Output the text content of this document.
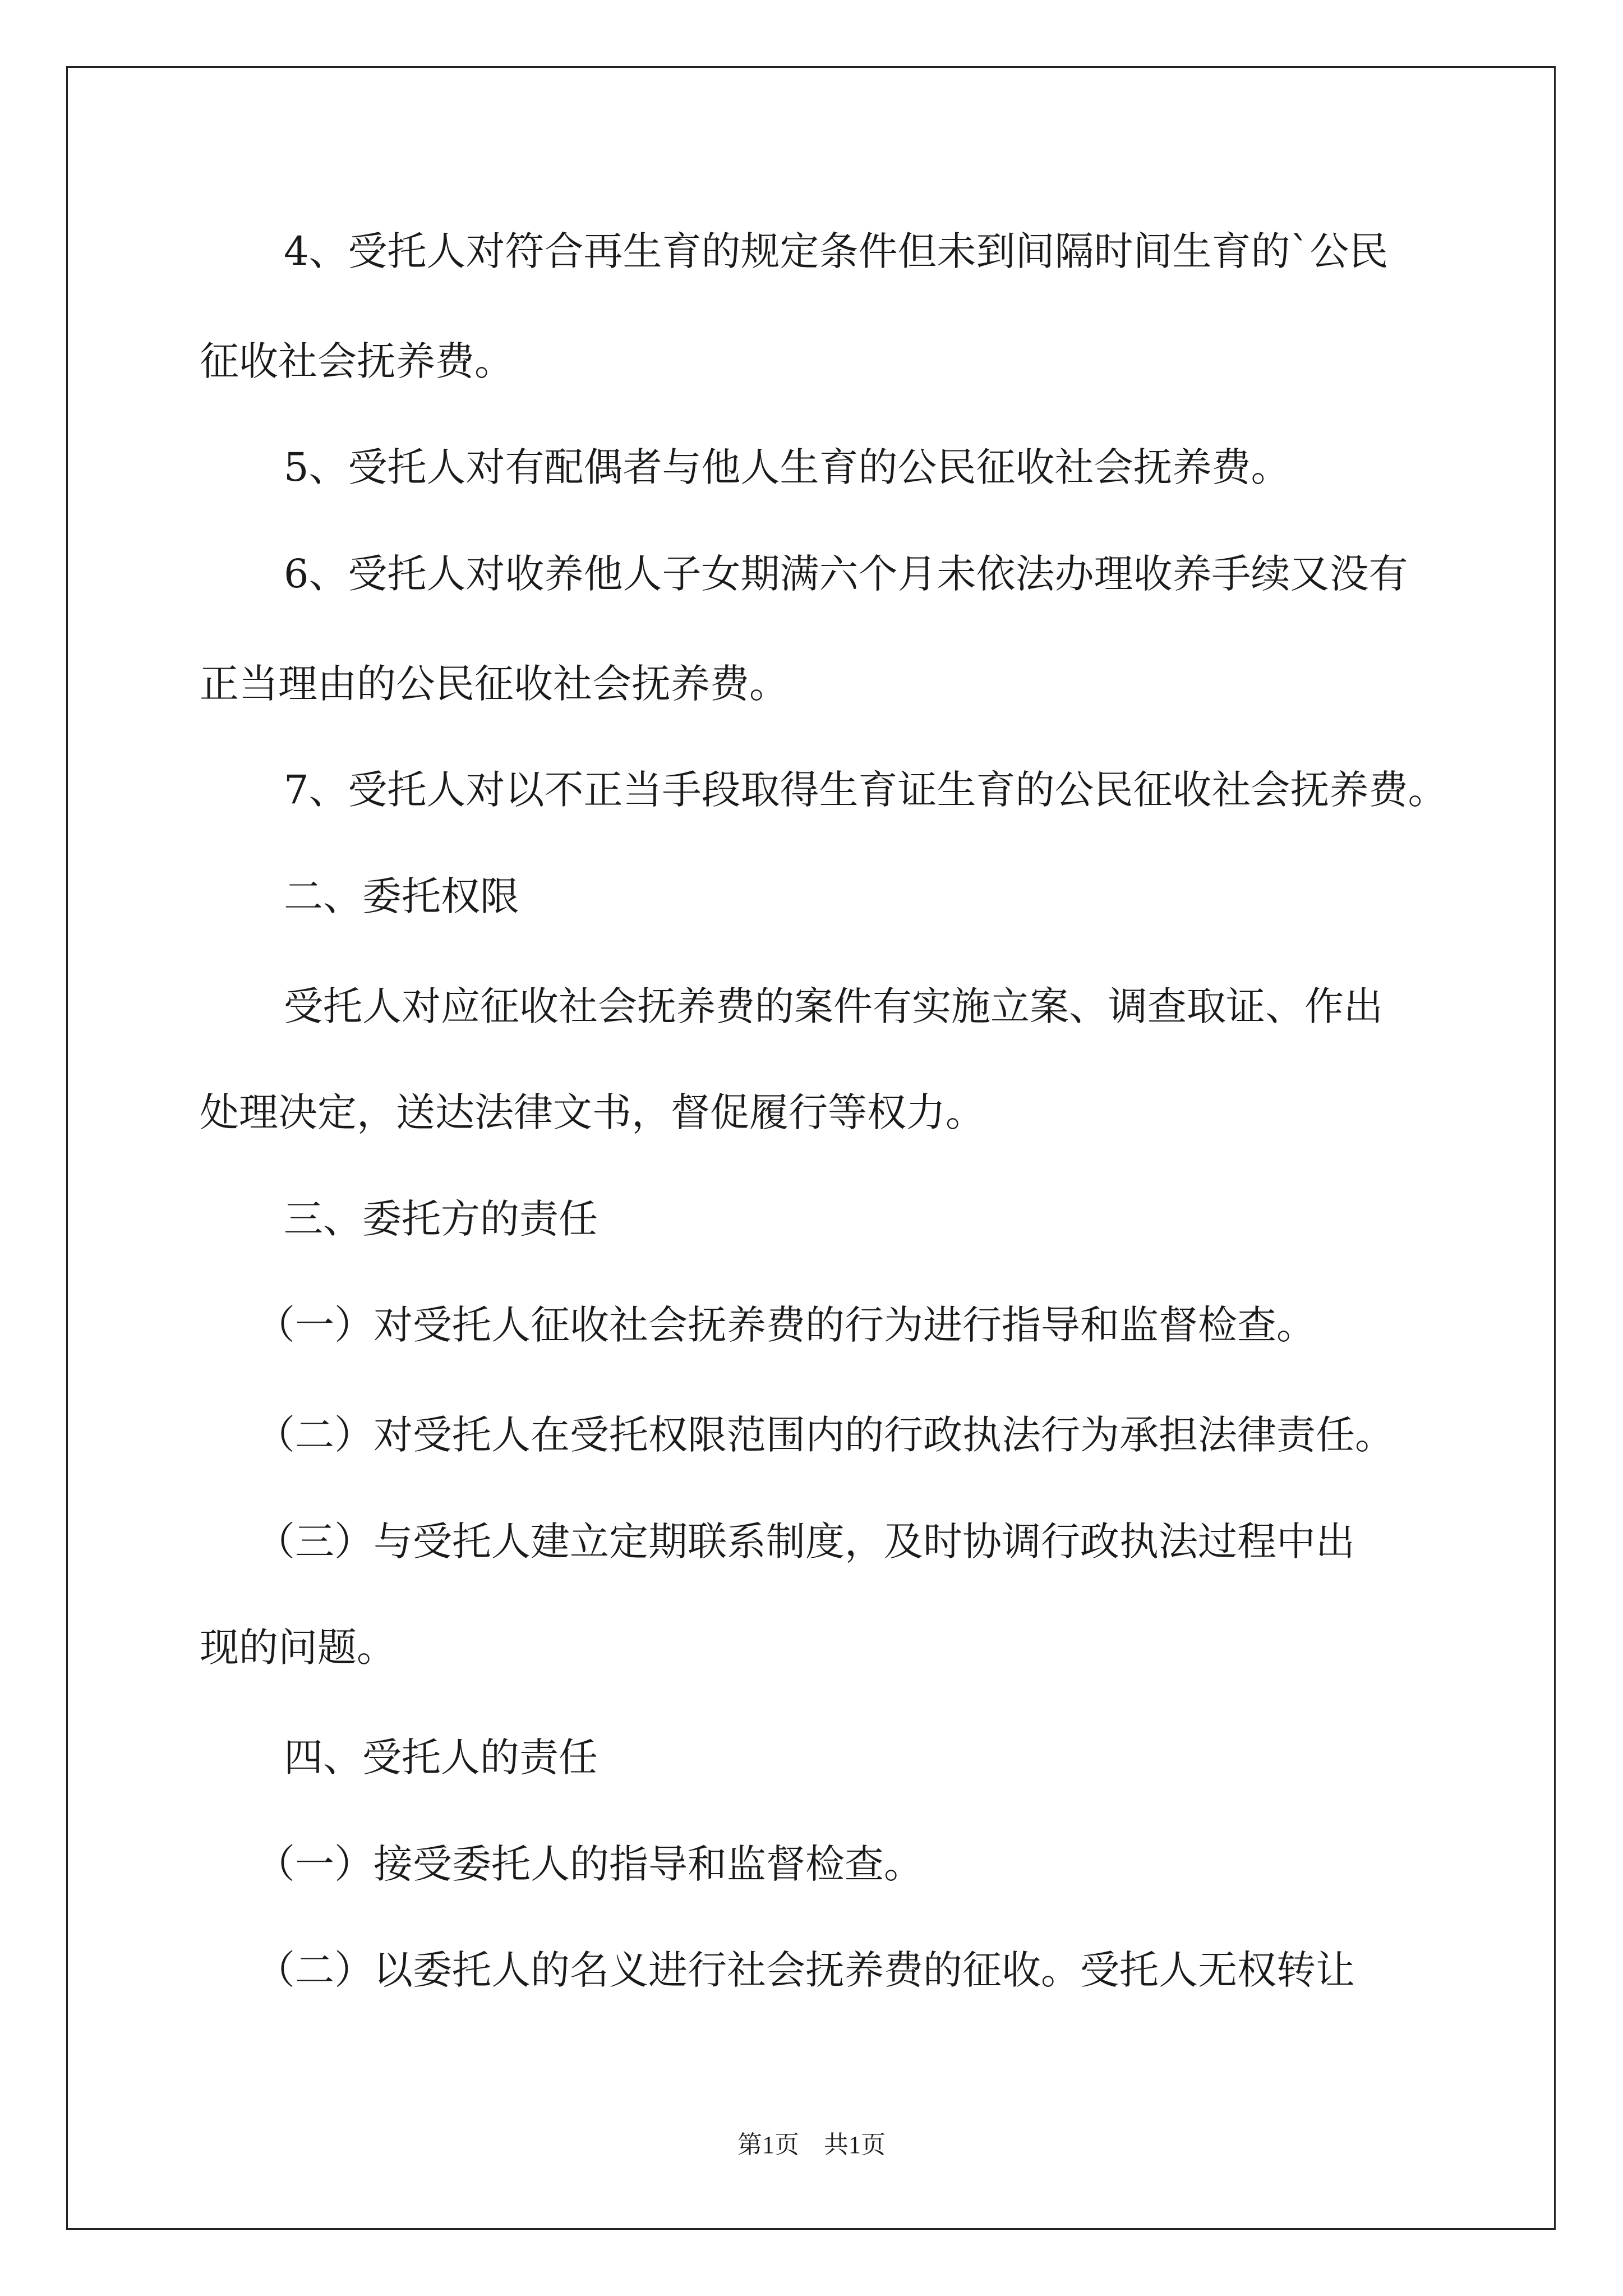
4、受托人对符合再生育的规定条件但未到间隔时间生育的`公民
征收社会抚养费。
5、受托人对有配偶者与他人生育的公民征收社会抚养费。
6、受托人对收养他人子女期满六个月未依法办理收养手续又没有
正当理由的公民征收社会抚养费。
7、受托人对以不正当手段取得生育证生育的公民征收社会抚养费。
二、委托权限
受托人对应征收社会抚养费的案件有实施立案、调查取证、作出
处理决定，送达法律文书，督促履行等权力。
三、委托方的责任
（一）对受托人征收社会抚养费的行为进行指导和监督检查。
（二）对受托人在受托权限范围内的行政执法行为承担法律责任。
（三）与受托人建立定期联系制度，及时协调行政执法过程中出
现的问题。
四、受托人的责任
（一）接受委托人的指导和监督检查。
（二）以委托人的名义进行社会抚养费的征收。受托人无权转让
第1页　共1页
